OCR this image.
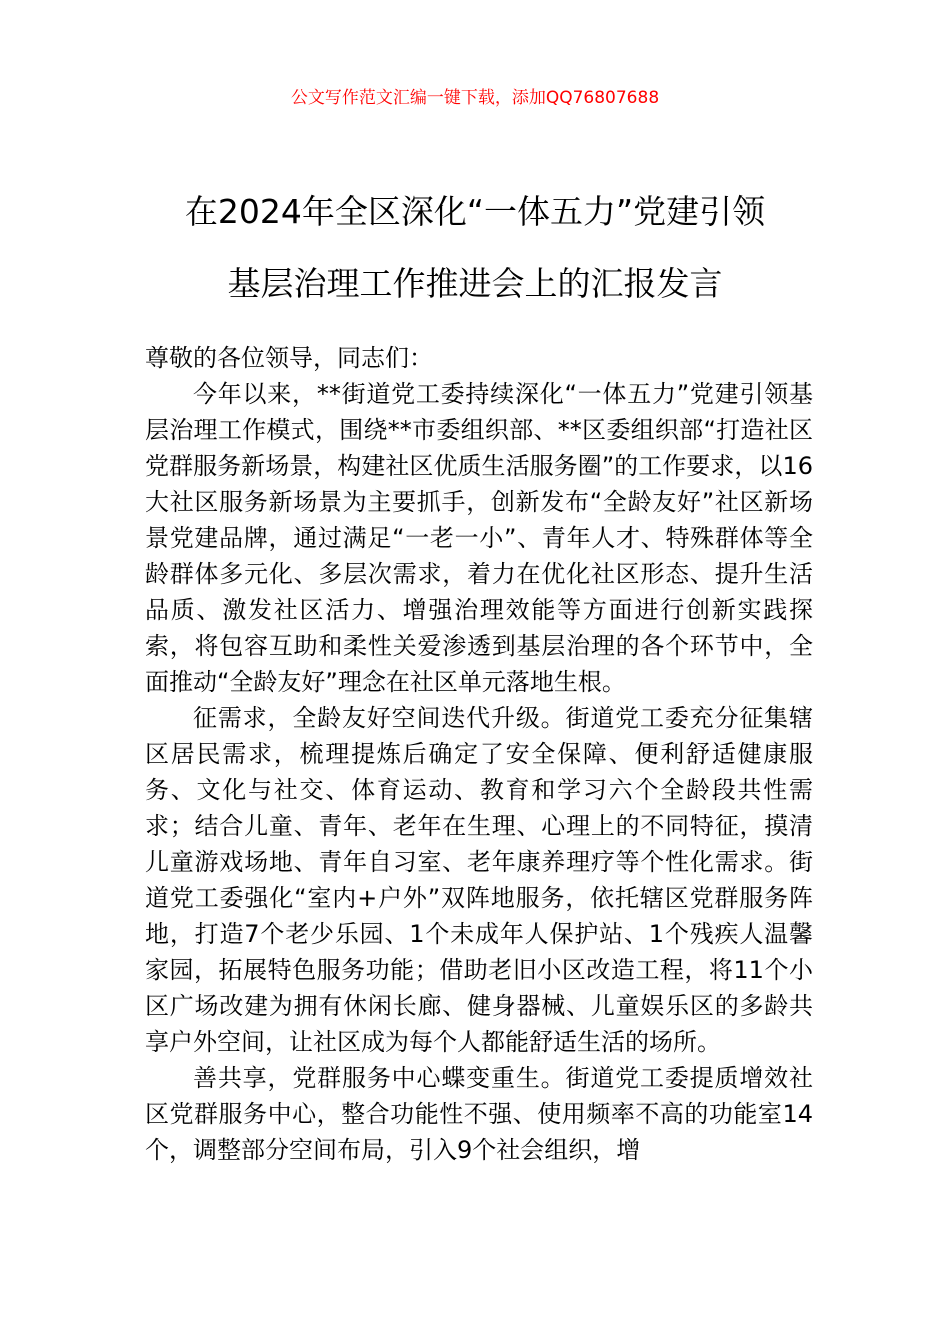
公文写作范文汇编一键下载，添加QQ76807688
在2024年全区深化“一体五力”党建引领
基层治理工作推进会上的汇报发言

尊敬的各位领导，同志们：

今年以来，**街道党工委持续深化“一体五力”党建引领基层治理工作模式，围绕**市委组织部、**区委组织部“打造社区党群服务新场景，构建社区优质生活服务圈”的工作要求，以16大社区服务新场景为主要抓手，创新发布“全龄友好”社区新场景党建品牌，通过满足“一老一小”、青年人才、特殊群体等全龄群体多元化、多层次需求，着力在优化社区形态、提升生活品质、激发社区活力、增强治理效能等方面进行创新实践探索，将包容互助和柔性关爱渗透到基层治理的各个环节中，全面推动“全龄友好”理念在社区单元落地生根。

征需求，全龄友好空间迭代升级。街道党工委充分征集辖区居民需求，梳理提炼后确定了安全保障、便利舒适健康服务、文化与社交、体育运动、教育和学习六个全龄段共性需求；结合儿童、青年、老年在生理、心理上的不同特征，摸清儿童游戏场地、青年自习室、老年康养理疗等个性化需求。街道党工委强化“室内+户外”双阵地服务，依托辖区党群服务阵地，打造7个老少乐园、1个未成年人保护站、1个残疾人温馨家园，拓展特色服务功能；借助老旧小区改造工程，将11个小区广场改建为拥有休闲长廊、健身器械、儿童娱乐区的多龄共享户外空间，让社区成为每个人都能舒适生活的场所。

善共享，党群服务中心蝶变重生。街道党工委提质增效社区党群服务中心，整合功能性不强、使用频率不高的功能室14个，调整部分空间布局，引入9个社会组织，增
